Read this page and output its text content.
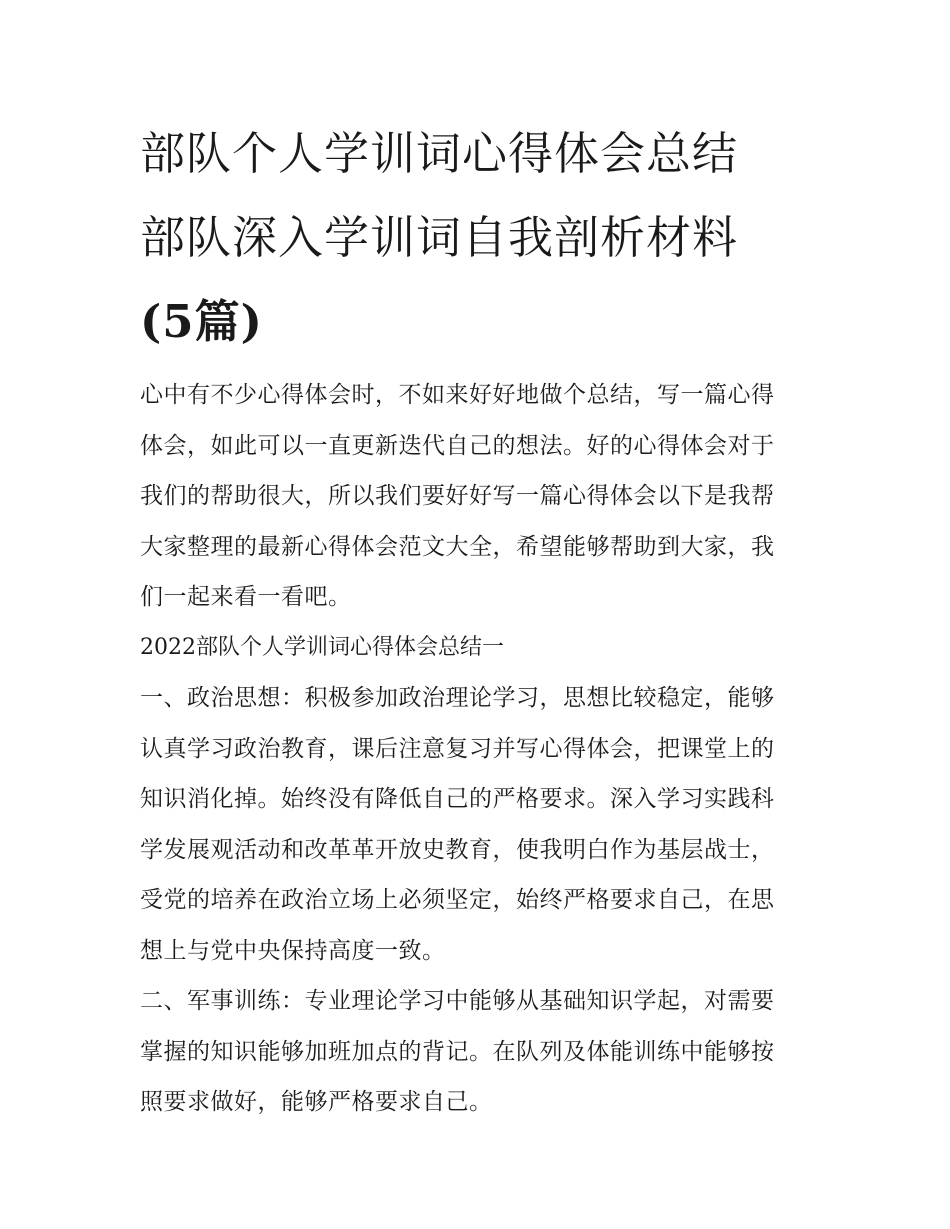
部队个人学训词心得体会总结
部队深入学训词自我剖析材料
(5篇)

心中有不少心得体会时，不如来好好地做个总结，写一篇心得
体会，如此可以一直更新迭代自己的想法。好的心得体会对于
我们的帮助很大，所以我们要好好写一篇心得体会以下是我帮
大家整理的最新心得体会范文大全，希望能够帮助到大家，我
们一起来看一看吧。

2022部队个人学训词心得体会总结一

一、政治思想：积极参加政治理论学习，思想比较稳定，能够
认真学习政治教育，课后注意复习并写心得体会，把课堂上的
知识消化掉。始终没有降低自己的严格要求。深入学习实践科
学发展观活动和改革革开放史教育，使我明白作为基层战士，
受党的培养在政治立场上必须坚定，始终严格要求自己，在思
想上与党中央保持高度一致。

二、军事训练：专业理论学习中能够从基础知识学起，对需要
掌握的知识能够加班加点的背记。在队列及体能训练中能够按
照要求做好，能够严格要求自己。
